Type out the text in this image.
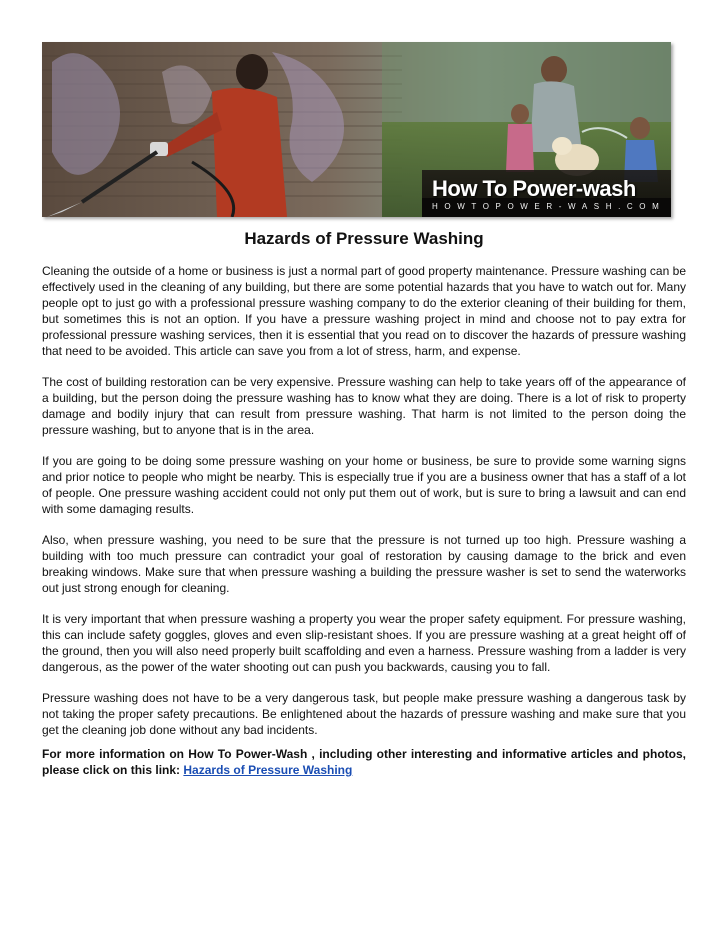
How To Power-wash
HOWTOPOWER-WASH.COM
Hazards of Pressure Washing

Cleaning the outside of a home or business is just a normal part of good property maintenance. Pressure washing can be effectively used in the cleaning of any building, but there are some potential hazards that you have to watch out for. Many people opt to just go with a professional pressure washing company to do the exterior cleaning of their building for them, but sometimes this is not an option. If you have a pressure washing project in mind and choose not to pay extra for professional pressure washing services, then it is essential that you read on to discover the hazards of pressure washing that need to be avoided. This article can save you from a lot of stress, harm, and expense.

The cost of building restoration can be very expensive. Pressure washing can help to take years off of the appearance of a building, but the person doing the pressure washing has to know what they are doing. There is a lot of risk to property damage and bodily injury that can result from pressure washing. That harm is not limited to the person doing the pressure washing, but to anyone that is in the area.

If you are going to be doing some pressure washing on your home or business, be sure to provide some warning signs and prior notice to people who might be nearby. This is especially true if you are a business owner that has a staff of a lot of people. One pressure washing accident could not only put them out of work, but is sure to bring a lawsuit and can end with some damaging results.

Also, when pressure washing, you need to be sure that the pressure is not turned up too high. Pressure washing a building with too much pressure can contradict your goal of restoration by causing damage to the brick and even breaking windows. Make sure that when pressure washing a building the pressure washer is set to send the waterworks out just strong enough for cleaning.

It is very important that when pressure washing a property you wear the proper safety equipment. For pressure washing, this can include safety goggles, gloves and even slip-resistant shoes. If you are pressure washing at a great height off of the ground, then you will also need properly built scaffolding and even a harness. Pressure washing from a ladder is very dangerous, as the power of the water shooting out can push you backwards, causing you to fall.

Pressure washing does not have to be a very dangerous task, but people make pressure washing a dangerous task by not taking the proper safety precautions. Be enlightened about the hazards of pressure washing and make sure that you get the cleaning job done without any bad incidents.

For more information on How To Power-Wash , including other interesting and informative articles and photos, please click on this link: Hazards of Pressure Washing
